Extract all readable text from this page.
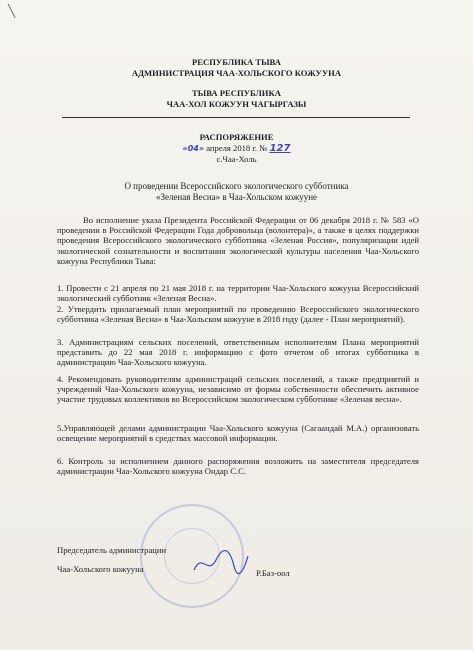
╲
РЕСПУБЛИКА ТЫВА
АДМИНИСТРАЦИЯ ЧАА-ХОЛЬСКОГО КОЖУУНА
ТЫВА РЕСПУБЛИКА
ЧАА-ХОЛ КОЖУУН ЧАГЫРГАЗЫ
РАСПОРЯЖЕНИЕ
«04» апреля 2018 г. № 127
с.Чаа-Холь
О проведении Всероссийского экологического субботника
«Зеленая Весна» в Чаа-Хольском кожууне
Во исполнение указа Президента Российской Федерации от 06 декабря 2018 г. № 583 «О проведении в Российской Федерации Года добровольца (волонтера)», а также в целях поддержки проведения Всероссийского экологического субботника «Зеленая Россия», популяризации идей экологической сознательности и воспитания экологической культуры населения Чаа-Хольского кожууна Республики Тыва:
1. Провести с 21 апреля по 21 мая 2018 г. на территории Чаа-Хольского кожууна Всероссийский экологический субботник «Зеленая Весна».
2. Утвердить прилагаемый план мероприятий по проведению Всероссийского экологического субботника «Зеленая Весна» в Чаа-Хольском кожууне в 2018 году (далее - План мероприятий).
3. Администрациям сельских поселений, ответственным исполнителям Плана мероприятий представить до 22 мая 2018 г. информацию с фото отчетом об итогах субботника в администрацию Чаа-Хольского кожууна.
4. Рекомендовать руководителям администраций сельских поселений, а также предприятий и учреждений Чаа-Хольского кожууна, независимо от формы собственности обеспечить активное участие трудовых коллективов во Всероссийском экологическом субботнике «Зеленая весна».
5.Управляющей делами администрации Чаа-Хольского кожууна (Сагаандай М.А.) организовать освещение мероприятий в средствах массовой информации.
6. Контроль за исполнением данного распоряжения возложить на заместителя председателя администрации Чаа-Хольского кожууна Ондар С.С.
Председатель администрации
Чаа-Хольского кожууна	Р.Баз-оол
